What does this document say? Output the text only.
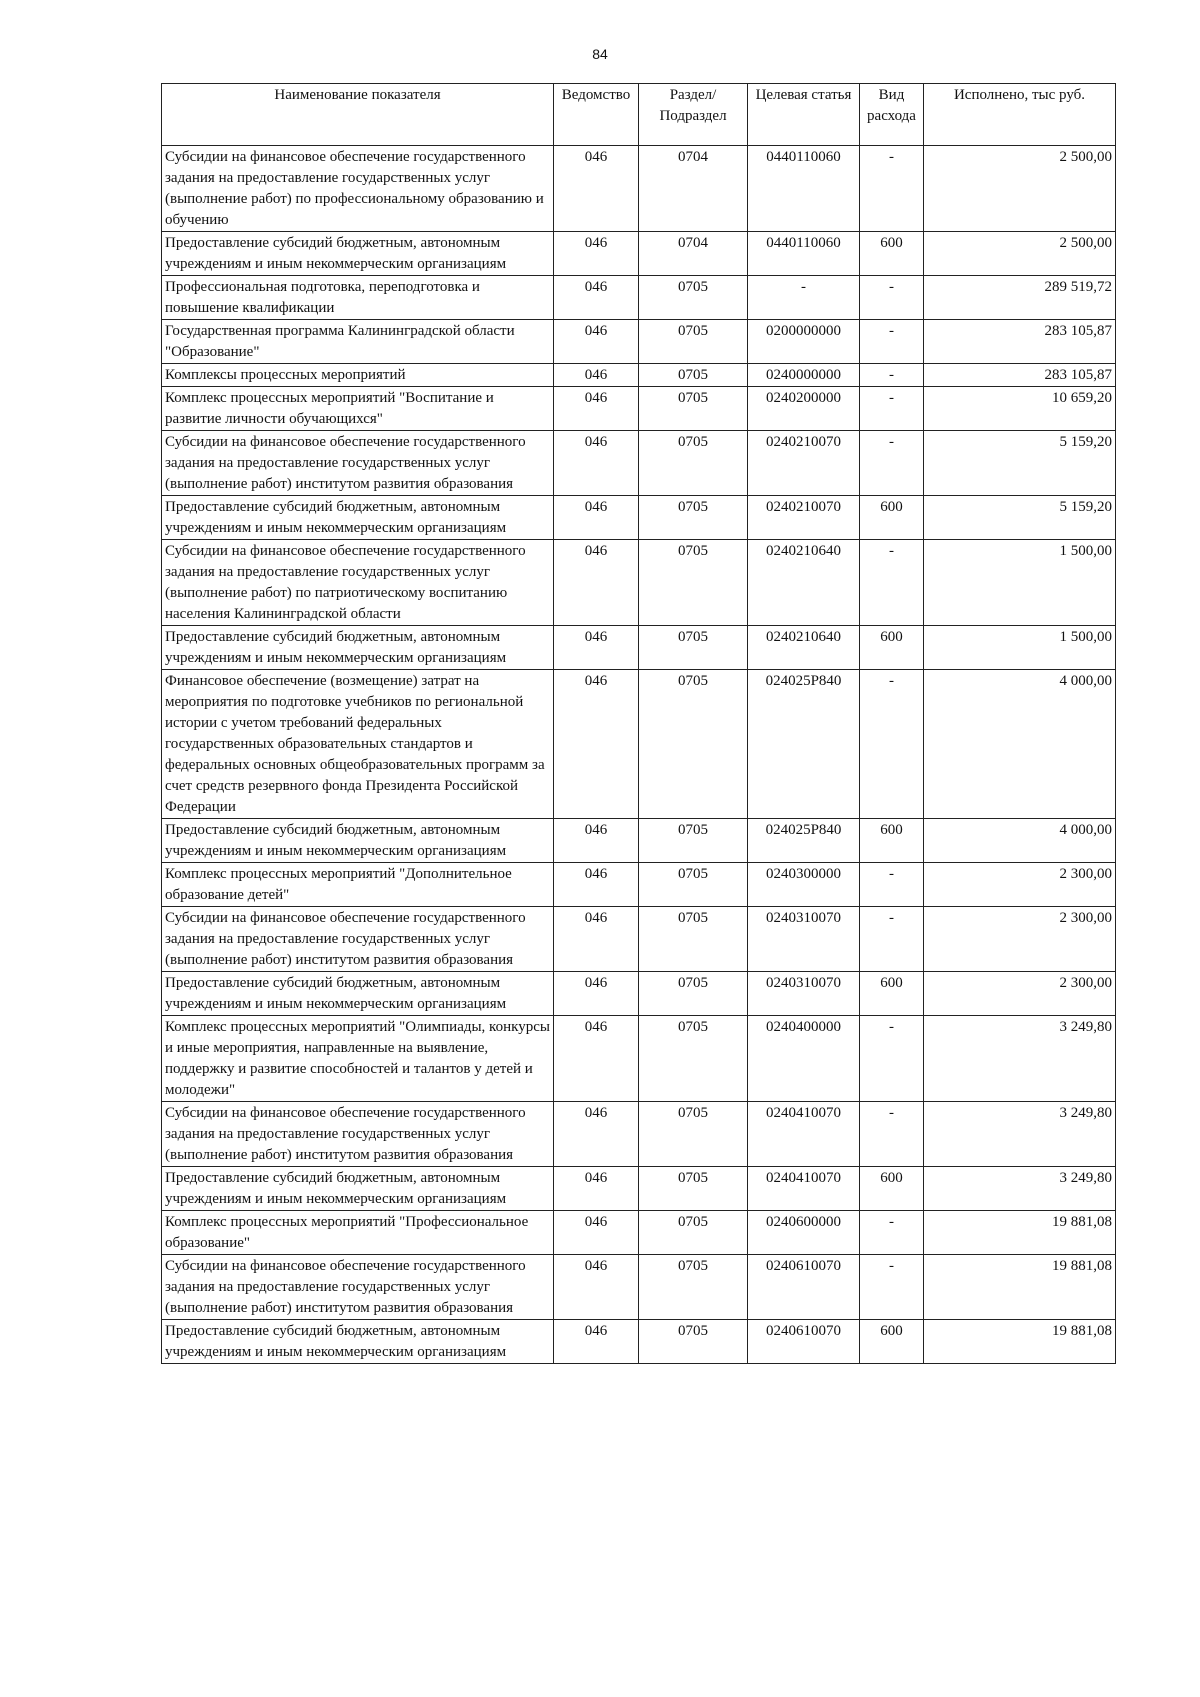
84
Наименование показателя	Ведомство	Раздел/ Подраздел	Целевая статья	Вид расхода	Исполнено, тыс руб.
Субсидии на финансовое обеспечение государственного задания на предоставление государственных услуг (выполнение работ) по профессиональному образованию и обучению	046	0704	0440110060	-	2 500,00
Предоставление субсидий бюджетным, автономным учреждениям и иным некоммерческим организациям	046	0704	0440110060	600	2 500,00
Профессиональная подготовка, переподготовка и повышение квалификации	046	0705	-	-	289 519,72
Государственная программа Калининградской области "Образование"	046	0705	0200000000	-	283 105,87
Комплексы процессных мероприятий	046	0705	0240000000	-	283 105,87
Комплекс процессных мероприятий "Воспитание и развитие личности обучающихся"	046	0705	0240200000	-	10 659,20
Субсидии на финансовое обеспечение государственного задания на предоставление государственных услуг (выполнение работ) институтом развития образования	046	0705	0240210070	-	5 159,20
Предоставление субсидий бюджетным, автономным учреждениям и иным некоммерческим организациям	046	0705	0240210070	600	5 159,20
Субсидии на финансовое обеспечение государственного задания на предоставление государственных услуг (выполнение работ) по патриотическому воспитанию населения Калининградской области	046	0705	0240210640	-	1 500,00
Предоставление субсидий бюджетным, автономным учреждениям и иным некоммерческим организациям	046	0705	0240210640	600	1 500,00
Финансовое обеспечение (возмещение) затрат на мероприятия по подготовке учебников по региональной истории с учетом требований федеральных государственных образовательных стандартов и федеральных основных общеобразовательных программ за счет средств резервного фонда Президента Российской Федерации	046	0705	024025P840	-	4 000,00
Предоставление субсидий бюджетным, автономным учреждениям и иным некоммерческим организациям	046	0705	024025P840	600	4 000,00
Комплекс процессных мероприятий "Дополнительное образование детей"	046	0705	0240300000	-	2 300,00
Субсидии на финансовое обеспечение государственного задания на предоставление государственных услуг (выполнение работ) институтом развития образования	046	0705	0240310070	-	2 300,00
Предоставление субсидий бюджетным, автономным учреждениям и иным некоммерческим организациям	046	0705	0240310070	600	2 300,00
Комплекс процессных мероприятий "Олимпиады, конкурсы и иные мероприятия, направленные на выявление, поддержку и развитие способностей и талантов у детей и молодежи"	046	0705	0240400000	-	3 249,80
Субсидии на финансовое обеспечение государственного задания на предоставление государственных услуг (выполнение работ) институтом развития образования	046	0705	0240410070	-	3 249,80
Предоставление субсидий бюджетным, автономным учреждениям и иным некоммерческим организациям	046	0705	0240410070	600	3 249,80
Комплекс процессных мероприятий "Профессиональное образование"	046	0705	0240600000	-	19 881,08
Субсидии на финансовое обеспечение государственного задания на предоставление государственных услуг (выполнение работ) институтом развития образования	046	0705	0240610070	-	19 881,08
Предоставление субсидий бюджетным, автономным учреждениям и иным некоммерческим организациям	046	0705	0240610070	600	19 881,08
